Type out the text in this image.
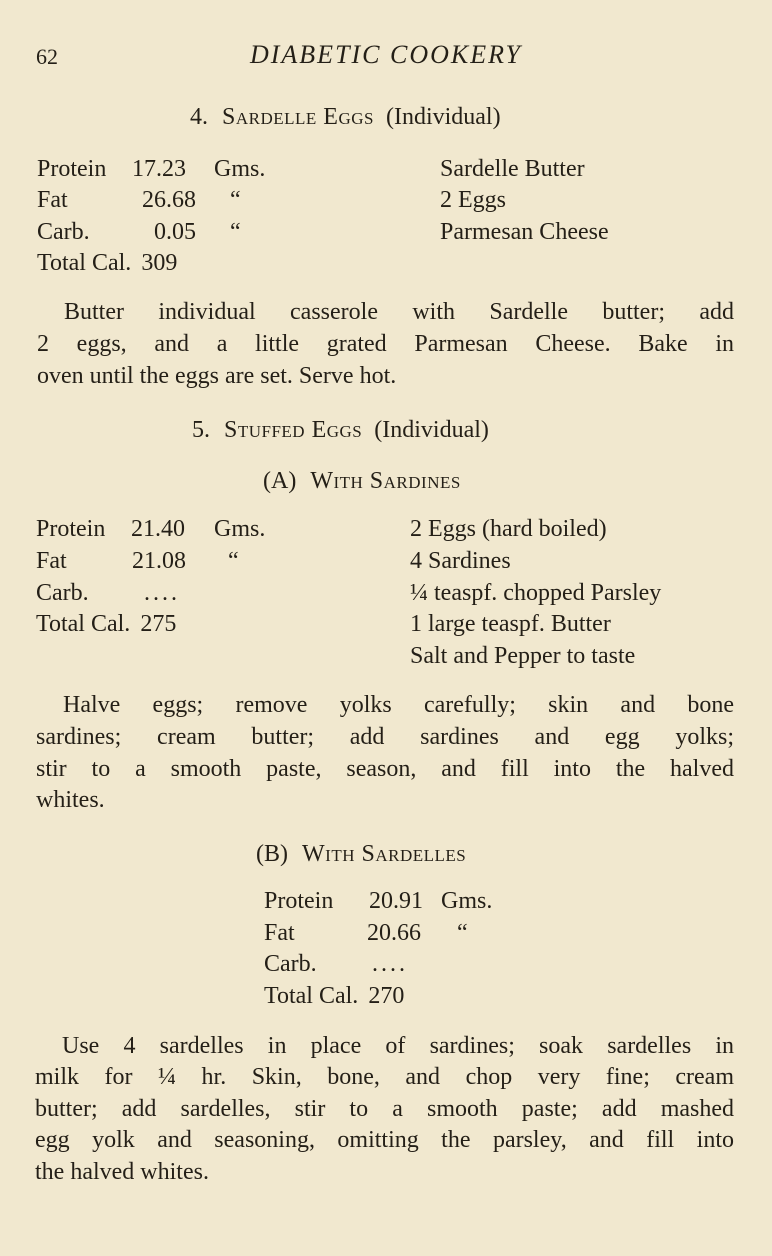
62	DIABETIC COOKERY
4. Sardelle Eggs (Individual)
Protein 17.23 Gms.
Fat	26.68 “
Carb.	0.05 “
Total Cal. 309
Sardelle Butter
2 Eggs
Parmesan Cheese
Butter individual casserole with Sardelle butter; add
2 eggs, and a little grated Parmesan Cheese. Bake in
oven until the eggs are set. Serve hot.
5. Stuffed Eggs (Individual)
(A) With Sardines
Protein 21.40 Gms.
Fat	21.08 “
Carb. ....
Total Cal. 275
2 Eggs (hard boiled)
4 Sardines
¼ teaspf. chopped Parsley
1 large teaspf. Butter
Salt and Pepper to taste
Halve eggs; remove yolks carefully; skin and bone
sardines; cream butter; add sardines and egg yolks;
stir to a smooth paste, season, and fill into the halved
whites.
(B) With Sardelles
Protein 20.91 Gms.
Fat	20.66 “
Carb. ....
Total Cal. 270
Use 4 sardelles in place of sardines; soak sardelles in
milk for ¼ hr. Skin, bone, and chop very fine; cream
butter; add sardelles, stir to a smooth paste; add mashed
egg yolk and seasoning, omitting the parsley, and fill into
the halved whites.
